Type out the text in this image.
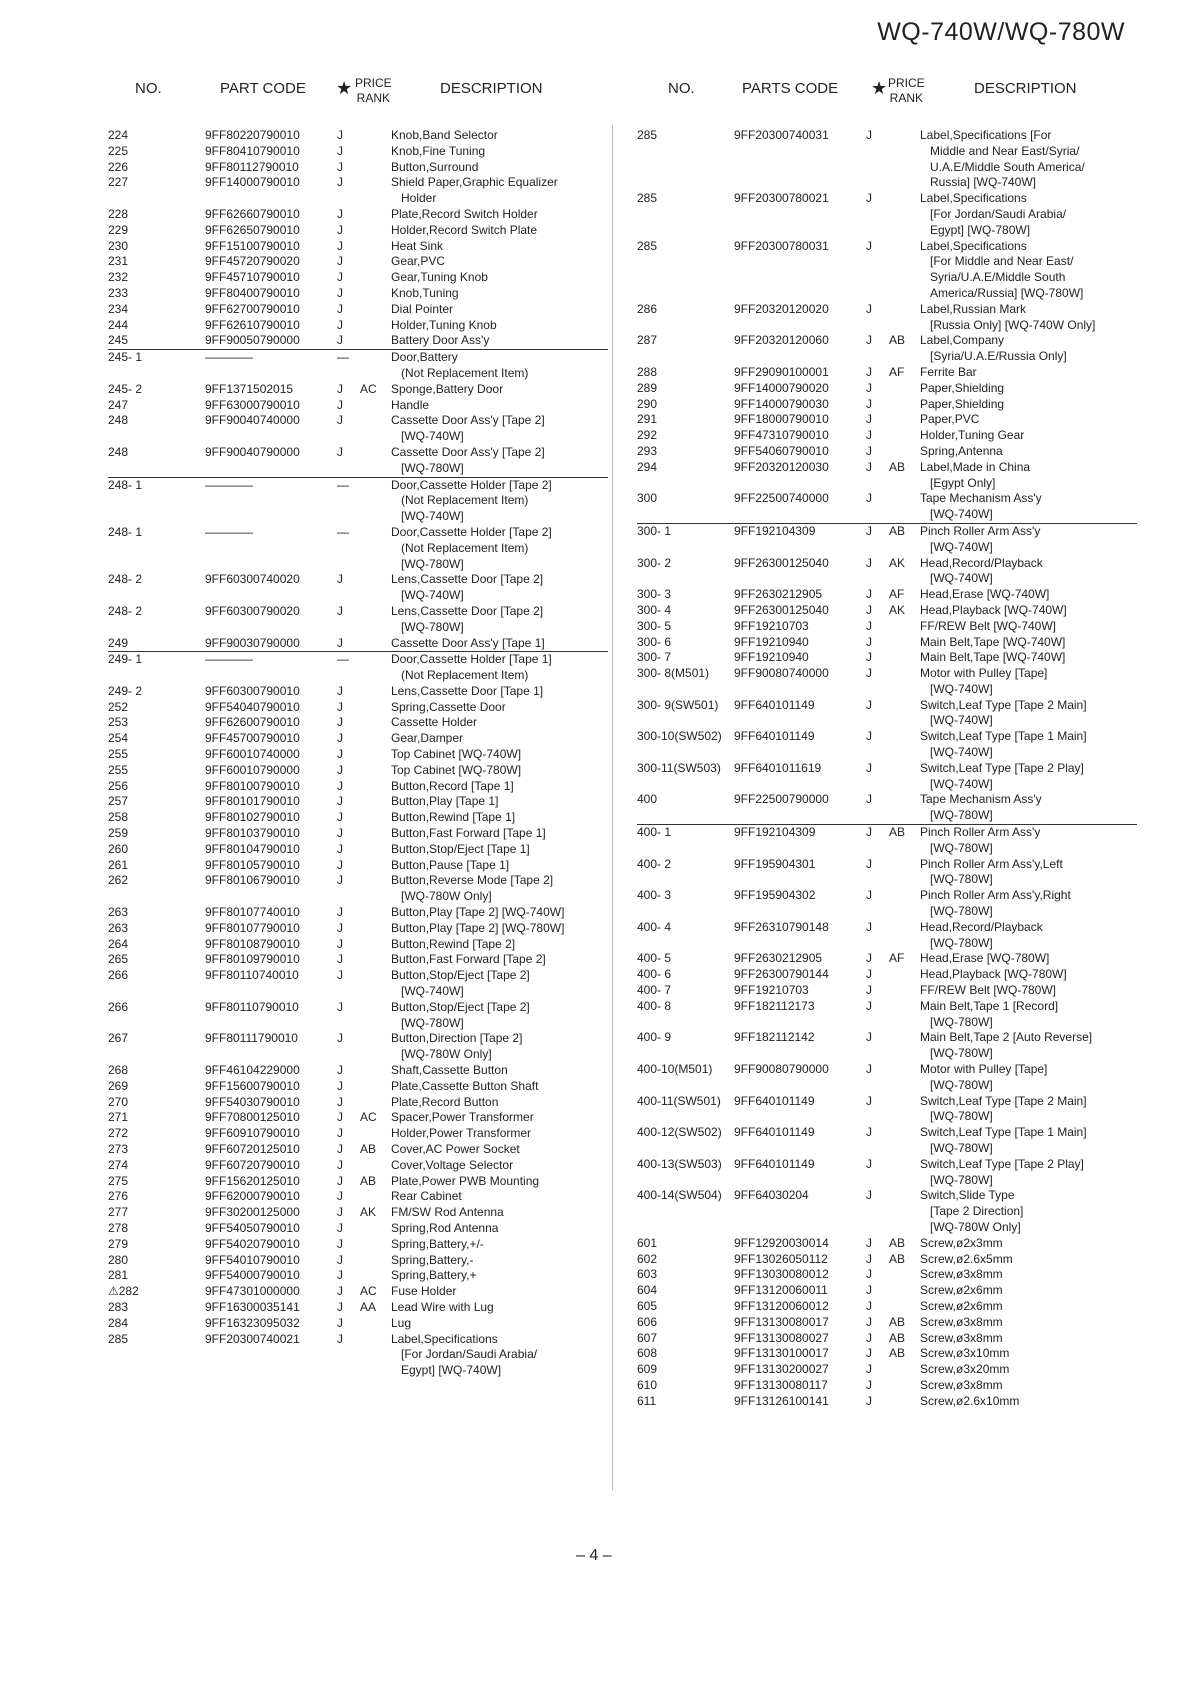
WQ-740W/WQ-780W
NO.	PART CODE ★ PRICE
RANK
DESCRIPTION	NO.	PARTS CODE ★ PRICE
RANK
DESCRIPTION
224	9FF80220790010	J		Knob,Band Selector

225	9FF80410790010	J		Knob,Fine Tuning

226	9FF80112790010	J		Button,Surround

227	9FF14000790010	J		Shield Paper,Graphic Equalizer
Holder

228	9FF62660790010	J		Plate,Record Switch Holder

229	9FF62650790010	J		Holder,Record Switch Plate

230	9FF15100790010	J		Heat Sink

231	9FF45720790020	J		Gear,PVC

232	9FF45710790010	J		Gear,Tuning Knob

233	9FF80400790010	J		Knob,Tuning

234	9FF62700790010	J		Dial Pointer

244	9FF62610790010	J		Holder,Tuning Knob

245	9FF90050790000	J		Battery Door Ass'y

245- 1	————	—		Door,Battery
(Not Replacement Item)

245- 2	9FF1371502015	J	AC	Sponge,Battery Door

247	9FF63000790010	J		Handle

248	9FF90040740000	J		Cassette Door Ass'y [Tape 2]
[WQ-740W]

248	9FF90040790000	J		Cassette Door Ass'y [Tape 2]
[WQ-780W]

248- 1	————	—		Door,Cassette Holder [Tape 2]
(Not Replacement Item)
[WQ-740W]

248- 1	————	—		Door,Cassette Holder [Tape 2]
(Not Replacement Item)
[WQ-780W]

248- 2	9FF60300740020	J		Lens,Cassette Door [Tape 2]
[WQ-740W]

248- 2	9FF60300790020	J		Lens,Cassette Door [Tape 2]
[WQ-780W]

249	9FF90030790000	J		Cassette Door Ass'y [Tape 1]

249- 1	————	—		Door,Cassette Holder [Tape 1]
(Not Replacement Item)

249- 2	9FF60300790010	J		Lens,Cassette Door [Tape 1]

252	9FF54040790010	J		Spring,Cassette Door

253	9FF62600790010	J		Cassette Holder

254	9FF45700790010	J		Gear,Damper

255	9FF60010740000	J		Top Cabinet [WQ-740W]

255	9FF60010790000	J		Top Cabinet [WQ-780W]

256	9FF80100790010	J		Button,Record [Tape 1]

257	9FF80101790010	J		Button,Play [Tape 1]

258	9FF80102790010	J		Button,Rewind [Tape 1]

259	9FF80103790010	J		Button,Fast Forward [Tape 1]

260	9FF80104790010	J		Button,Stop/Eject [Tape 1]

261	9FF80105790010	J		Button,Pause [Tape 1]

262	9FF80106790010	J		Button,Reverse Mode [Tape 2]
[WQ-780W Only]

263	9FF80107740010	J		Button,Play [Tape 2] [WQ-740W]

263	9FF80107790010	J		Button,Play [Tape 2] [WQ-780W]

264	9FF80108790010	J		Button,Rewind [Tape 2]

265	9FF80109790010	J		Button,Fast Forward [Tape 2]

266	9FF80110740010	J		Button,Stop/Eject [Tape 2]
[WQ-740W]

266	9FF80110790010	J		Button,Stop/Eject [Tape 2]
[WQ-780W]

267	9FF80111790010	J		Button,Direction [Tape 2]
[WQ-780W Only]

268	9FF46104229000	J		Shaft,Cassette Button

269	9FF15600790010	J		Plate,Cassette Button Shaft

270	9FF54030790010	J		Plate,Record Button

271	9FF70800125010	J	AC	Spacer,Power Transformer

272	9FF60910790010	J		Holder,Power Transformer

273	9FF60720125010	J	AB	Cover,AC Power Socket

274	9FF60720790010	J		Cover,Voltage Selector

275	9FF15620125010	J	AB	Plate,Power PWB Mounting

276	9FF62000790010	J		Rear Cabinet

277	9FF30200125000	J	AK	FM/SW Rod Antenna

278	9FF54050790010	J		Spring,Rod Antenna

279	9FF54020790010	J		Spring,Battery,+/-

280	9FF54010790010	J		Spring,Battery,-

281	9FF54000790010	J		Spring,Battery,+

⚠282	9FF47301000000	J	AC	Fuse Holder

283	9FF16300035141	J	AA	Lead Wire with Lug

284	9FF16323095032	J		Lug

285	9FF20300740021	J		Label,Specifications
[For Jordan/Saudi Arabia/
Egypt] [WQ-740W]
285	9FF20300740031	J		Label,Specifications [For
Middle and Near East/Syria/
U.A.E/Middle South America/
Russia] [WQ-740W]

285	9FF20300780021	J		Label,Specifications
[For Jordan/Saudi Arabia/
Egypt] [WQ-780W]

285	9FF20300780031	J		Label,Specifications
[For Middle and Near East/
Syria/U.A.E/Middle South
America/Russia] [WQ-780W]

286	9FF20320120020	J		Label,Russian Mark
[Russia Only] [WQ-740W Only]

287	9FF20320120060	J	AB	Label,Company
[Syria/U.A.E/Russia Only]

288	9FF29090100001	J	AF	Ferrite Bar

289	9FF14000790020	J		Paper,Shielding

290	9FF14000790030	J		Paper,Shielding

291	9FF18000790010	J		Paper,PVC

292	9FF47310790010	J		Holder,Tuning Gear

293	9FF54060790010	J		Spring,Antenna

294	9FF20320120030	J	AB	Label,Made in China
[Egypt Only]

300	9FF22500740000	J		Tape Mechanism Ass'y
[WQ-740W]

300- 1	9FF192104309	J	AB	Pinch Roller Arm Ass'y
[WQ-740W]

300- 2	9FF26300125040	J	AK	Head,Record/Playback
[WQ-740W]

300- 3	9FF2630212905	J	AF	Head,Erase [WQ-740W]

300- 4	9FF26300125040	J	AK	Head,Playback [WQ-740W]

300- 5	9FF19210703	J		FF/REW Belt [WQ-740W]

300- 6	9FF19210940	J		Main Belt,Tape [WQ-740W]

300- 7	9FF19210940	J		Main Belt,Tape [WQ-740W]

300- 8(M501)	9FF90080740000	J		Motor with Pulley [Tape]
[WQ-740W]

300- 9(SW501)	9FF640101149	J		Switch,Leaf Type [Tape 2 Main]
[WQ-740W]

300-10(SW502)	9FF640101149	J		Switch,Leaf Type [Tape 1 Main]
[WQ-740W]

300-11(SW503)	9FF6401011619	J		Switch,Leaf Type [Tape 2 Play]
[WQ-740W]

400	9FF22500790000	J		Tape Mechanism Ass'y
[WQ-780W]

400- 1	9FF192104309	J	AB	Pinch Roller Arm Ass'y
[WQ-780W]

400- 2	9FF195904301	J		Pinch Roller Arm Ass'y,Left
[WQ-780W]

400- 3	9FF195904302	J		Pinch Roller Arm Ass'y,Right
[WQ-780W]

400- 4	9FF26310790148	J		Head,Record/Playback
[WQ-780W]

400- 5	9FF2630212905	J	AF	Head,Erase [WQ-780W]

400- 6	9FF26300790144	J		Head,Playback [WQ-780W]

400- 7	9FF19210703	J		FF/REW Belt [WQ-780W]

400- 8	9FF182112173	J		Main Belt,Tape 1 [Record]
[WQ-780W]

400- 9	9FF182112142	J		Main Belt,Tape 2 [Auto Reverse]
[WQ-780W]

400-10(M501)	9FF90080790000	J		Motor with Pulley [Tape]
[WQ-780W]

400-11(SW501)	9FF640101149	J		Switch,Leaf Type [Tape 2 Main]
[WQ-780W]

400-12(SW502)	9FF640101149	J		Switch,Leaf Type [Tape 1 Main]
[WQ-780W]

400-13(SW503)	9FF640101149	J		Switch,Leaf Type [Tape 2 Play]
[WQ-780W]

400-14(SW504)	9FF64030204	J		Switch,Slide Type
[Tape 2 Direction]
[WQ-780W Only]

601	9FF12920030014	J	AB	Screw,ø2x3mm

602	9FF13026050112	J	AB	Screw,ø2.6x5mm

603	9FF13030080012	J		Screw,ø3x8mm

604	9FF13120060011	J		Screw,ø2x6mm

605	9FF13120060012	J		Screw,ø2x6mm

606	9FF13130080017	J	AB	Screw,ø3x8mm

607	9FF13130080027	J	AB	Screw,ø3x8mm

608	9FF13130100017	J	AB	Screw,ø3x10mm

609	9FF13130200027	J		Screw,ø3x20mm

610	9FF13130080117	J		Screw,ø3x8mm

611	9FF13126100141	J		Screw,ø2.6x10mm
– 4 –
